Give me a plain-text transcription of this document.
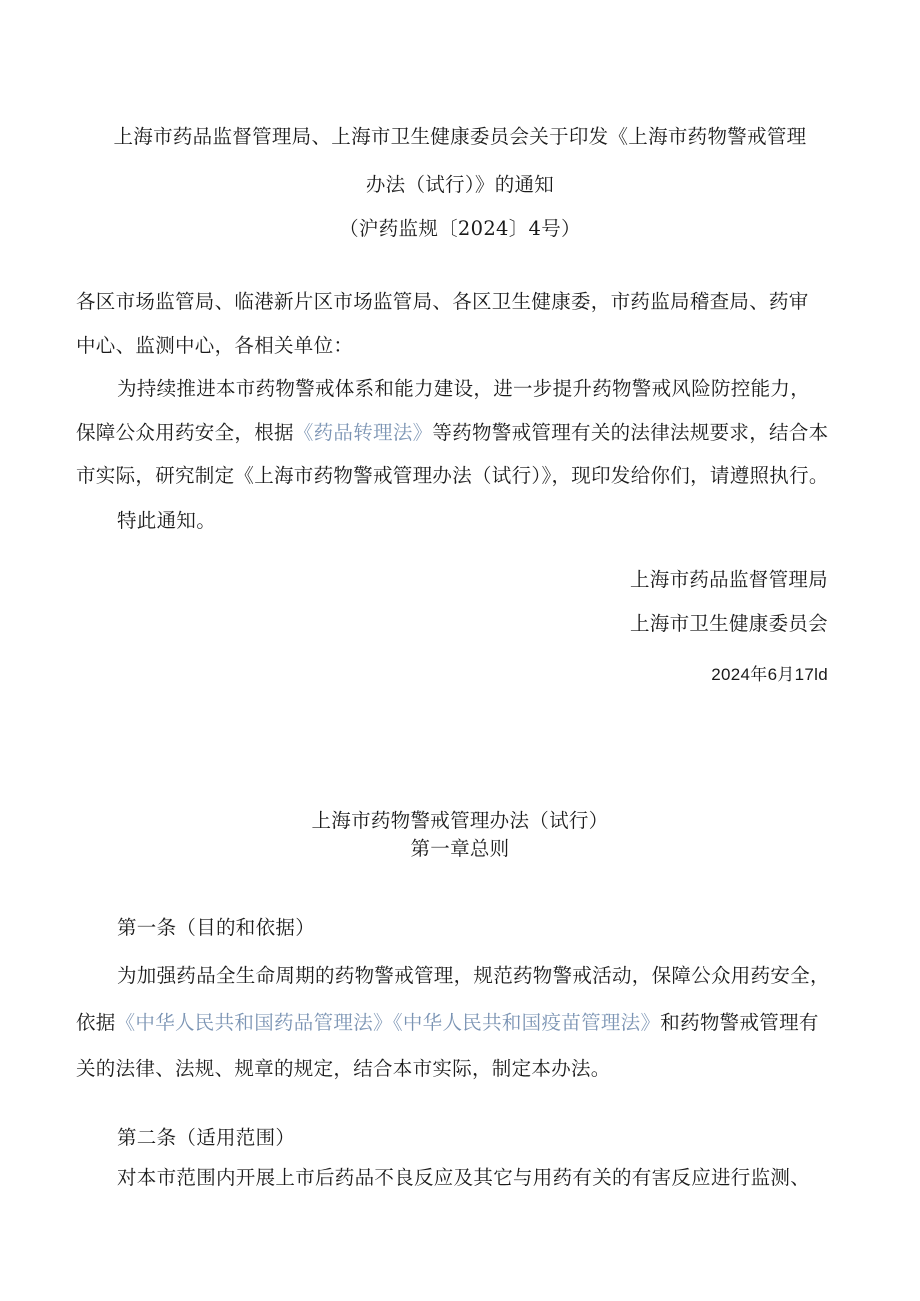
上海市药品监督管理局、上海市卫生健康委员会关于印发《上海市药物警戒管理
办法（试行）》的通知
（沪药监规〔2024〕4号）
各区市场监管局、临港新片区市场监管局、各区卫生健康委，市药监局稽查局、药审
中心、监测中心，各相关单位：
为持续推进本市药物警戒体系和能力建设，进一步提升药物警戒风险防控能力，
保障公众用药安全，根据《药品转理法》等药物警戒管理有关的法律法规要求，结合本
市实际，研究制定《上海市药物警戒管理办法（试行）》，现印发给你们，请遵照执行。
特此通知。
上海市药品监督管理局
上海市卫生健康委员会
2024年6月17ld
上海市药物警戒管理办法（试行）
第一章总则
第一条（目的和依据）
为加强药品全生命周期的药物警戒管理，规范药物警戒活动，保障公众用药安全，
依据《中华人民共和国药品管理法》《中华人民共和国疫苗管理法》和药物警戒管理有
关的法律、法规、规章的规定，结合本市实际，制定本办法。
第二条（适用范围）
对本市范围内开展上市后药品不良反应及其它与用药有关的有害反应进行监测、
